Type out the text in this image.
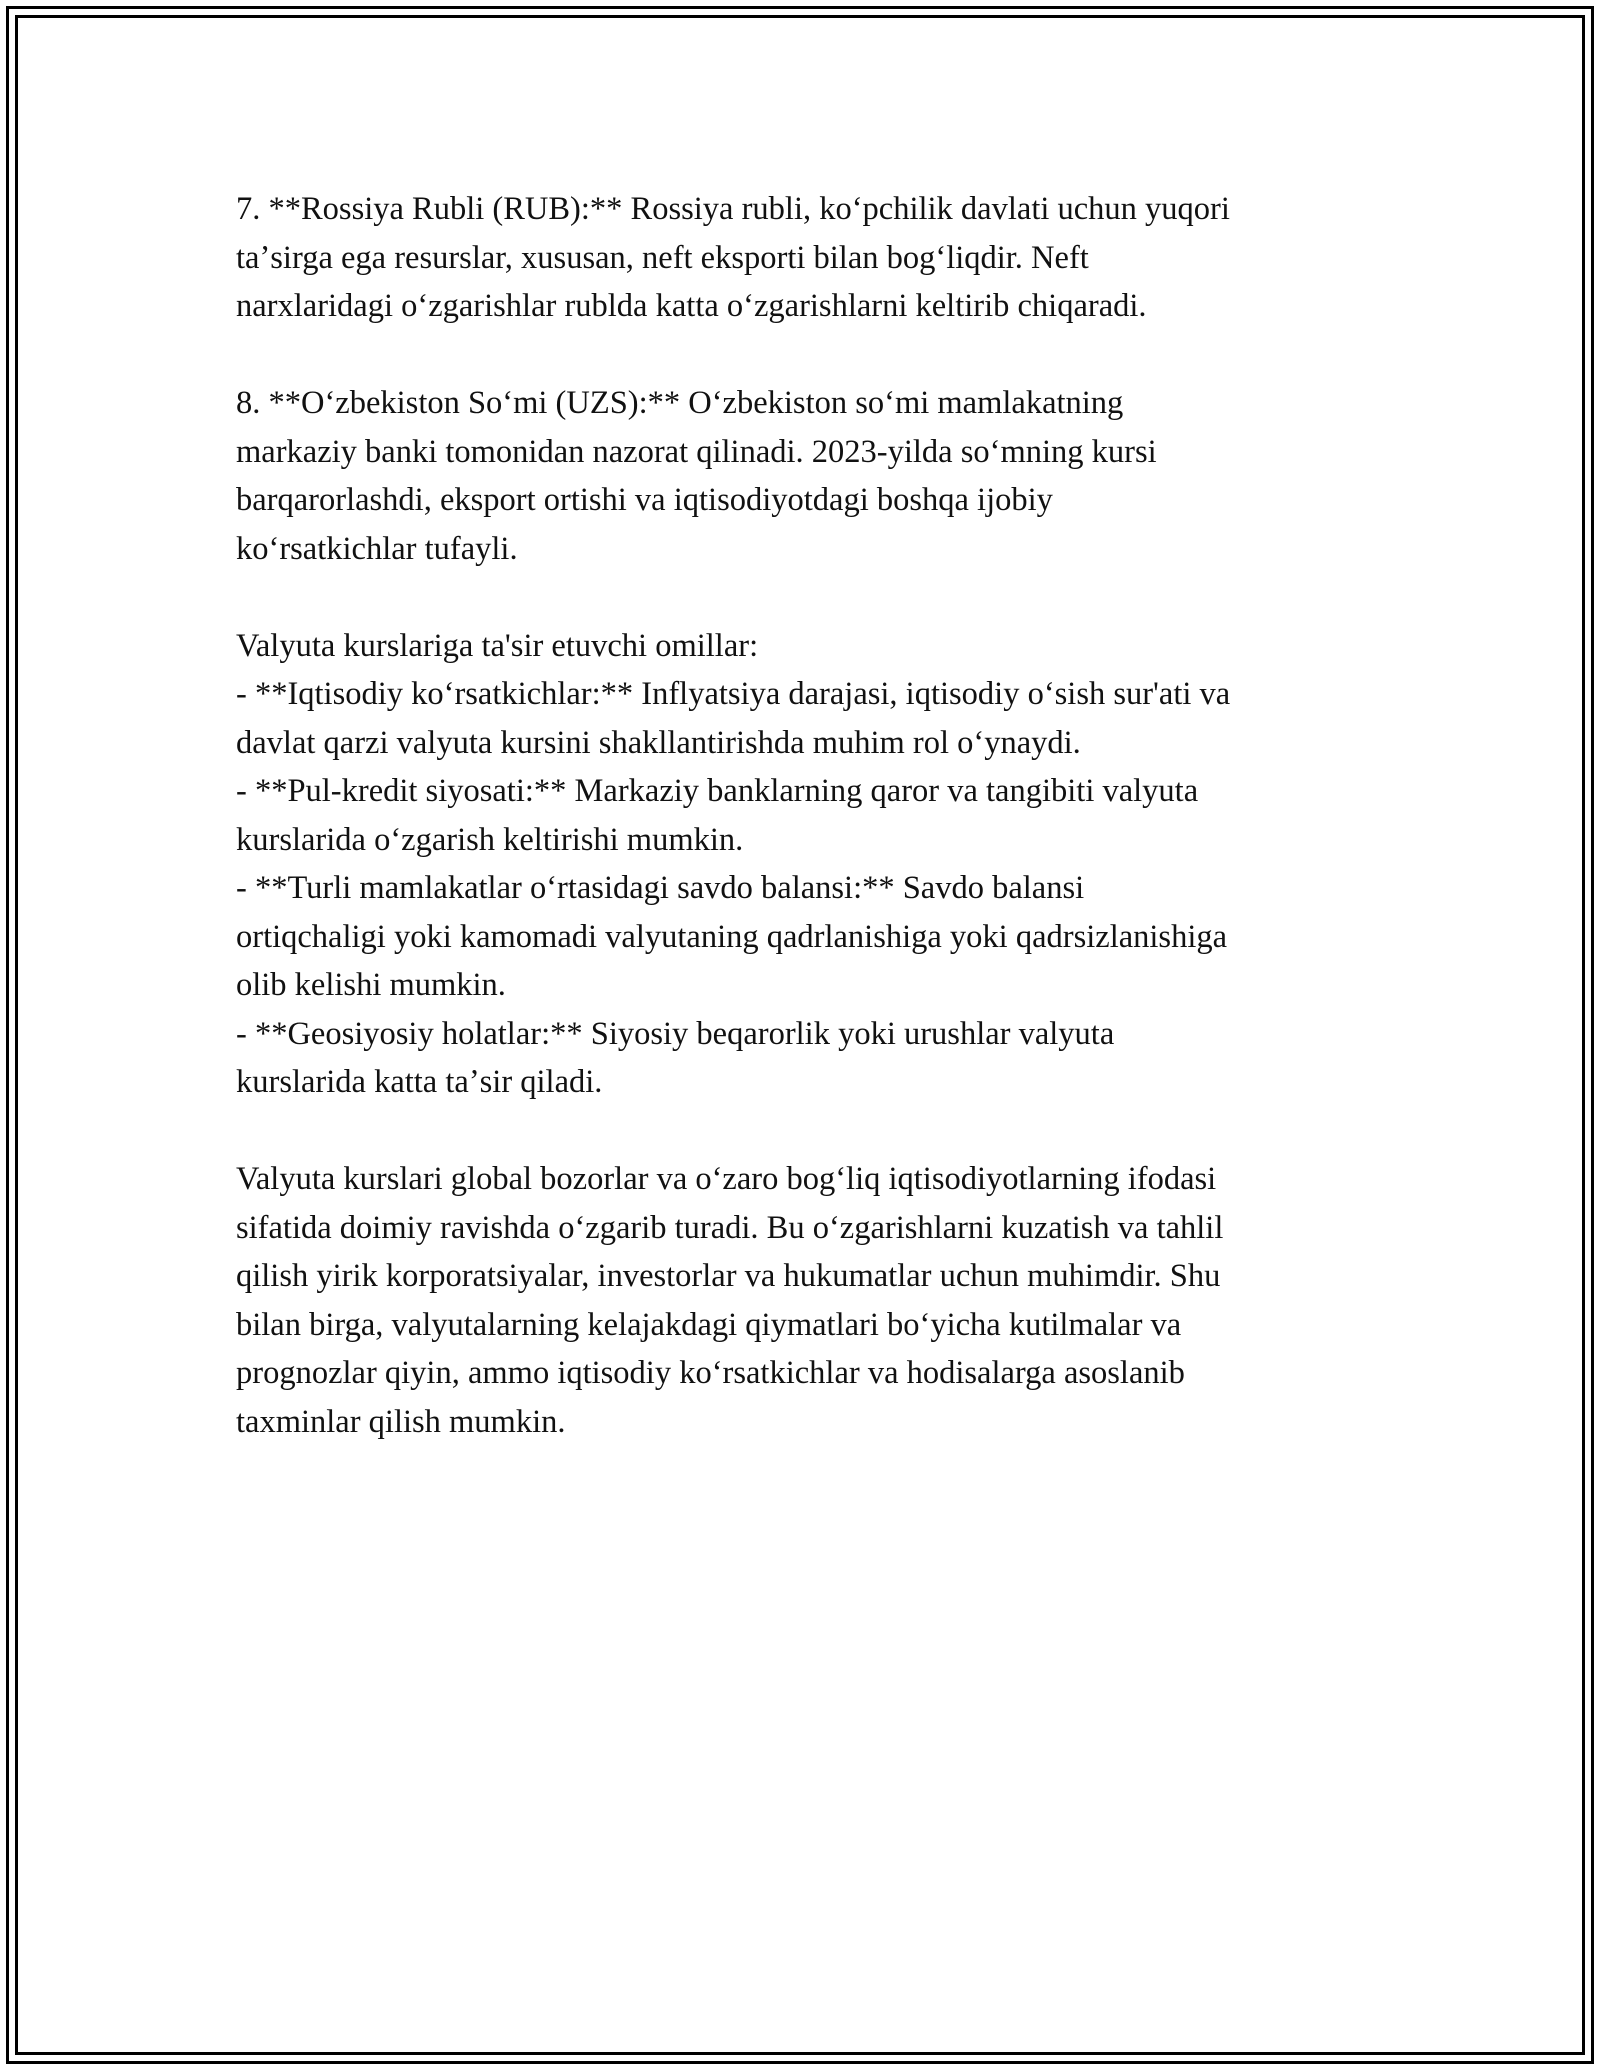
7. **Rossiya Rubli (RUB):** Rossiya rubli, koʻpchilik davlati uchun yuqori
taʼsirga ega resurslar, xususan, neft eksporti bilan bogʻliqdir. Neft
narxlaridagi oʻzgarishlar rublda katta oʻzgarishlarni keltirib chiqaradi.

8. **Oʻzbekiston Soʻmi (UZS):** Oʻzbekiston soʻmi mamlakatning
markaziy banki tomonidan nazorat qilinadi. 2023-yilda soʻmning kursi
barqarorlashdi, eksport ortishi va iqtisodiyotdagi boshqa ijobiy
koʻrsatkichlar tufayli.

Valyuta kurslariga ta'sir etuvchi omillar:
- **Iqtisodiy koʻrsatkichlar:** Inflyatsiya darajasi, iqtisodiy oʻsish sur'ati va
davlat qarzi valyuta kursini shakllantirishda muhim rol oʻynaydi.
- **Pul-kredit siyosati:** Markaziy banklarning qaror va tangibiti valyuta
kurslarida oʻzgarish keltirishi mumkin.
- **Turli mamlakatlar oʻrtasidagi savdo balansi:** Savdo balansi
ortiqchaligi yoki kamomadi valyutaning qadrlanishiga yoki qadrsizlanishiga
olib kelishi mumkin.
- **Geosiyosiy holatlar:** Siyosiy beqarorlik yoki urushlar valyuta
kurslarida katta taʼsir qiladi.

Valyuta kurslari global bozorlar va oʻzaro bogʻliq iqtisodiyotlarning ifodasi
sifatida doimiy ravishda oʻzgarib turadi. Bu oʻzgarishlarni kuzatish va tahlil
qilish yirik korporatsiyalar, investorlar va hukumatlar uchun muhimdir. Shu
bilan birga, valyutalarning kelajakdagi qiymatlari boʻyicha kutilmalar va
prognozlar qiyin, ammo iqtisodiy koʻrsatkichlar va hodisalarga asoslanib
taxminlar qilish mumkin.
